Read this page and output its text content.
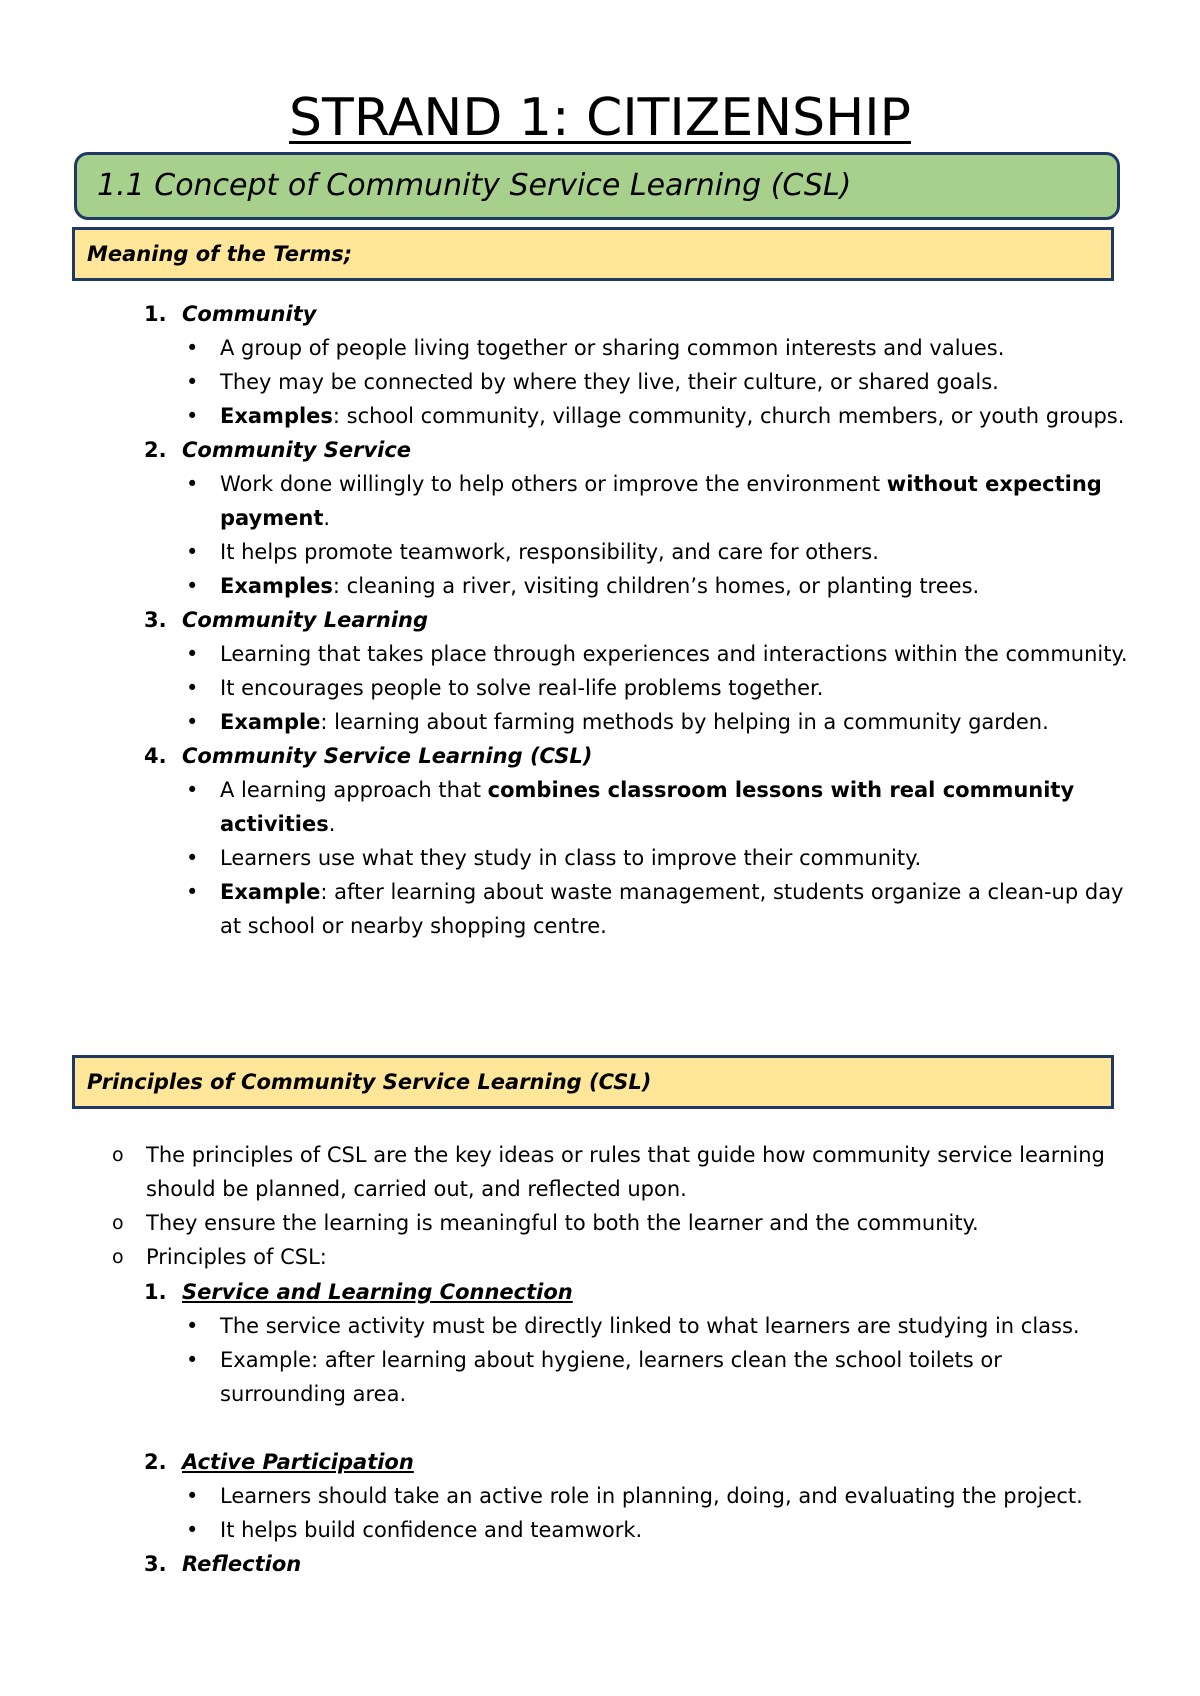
STRAND 1: CITIZENSHIP
1.1 Concept of Community Service Learning (CSL)
Meaning of the Terms;
1. Community
• A group of people living together or sharing common interests and values.
• They may be connected by where they live, their culture, or shared goals.
• Examples: school community, village community, church members, or youth groups.
2. Community Service
• Work done willingly to help others or improve the environment without expecting payment.
• It helps promote teamwork, responsibility, and care for others.
• Examples: cleaning a river, visiting children’s homes, or planting trees.
3. Community Learning
• Learning that takes place through experiences and interactions within the community.
• It encourages people to solve real-life problems together.
• Example: learning about farming methods by helping in a community garden.
4. Community Service Learning (CSL)
• A learning approach that combines classroom lessons with real community activities.
• Learners use what they study in class to improve their community.
• Example: after learning about waste management, students organize a clean-up day at school or nearby shopping centre.
Principles of Community Service Learning (CSL)
o The principles of CSL are the key ideas or rules that guide how community service learning should be planned, carried out, and reflected upon.
o They ensure the learning is meaningful to both the learner and the community.
o Principles of CSL:
1. Service and Learning Connection
• The service activity must be directly linked to what learners are studying in class.
• Example: after learning about hygiene, learners clean the school toilets or surrounding area.
2. Active Participation
• Learners should take an active role in planning, doing, and evaluating the project.
• It helps build confidence and teamwork.
3. Reflection
